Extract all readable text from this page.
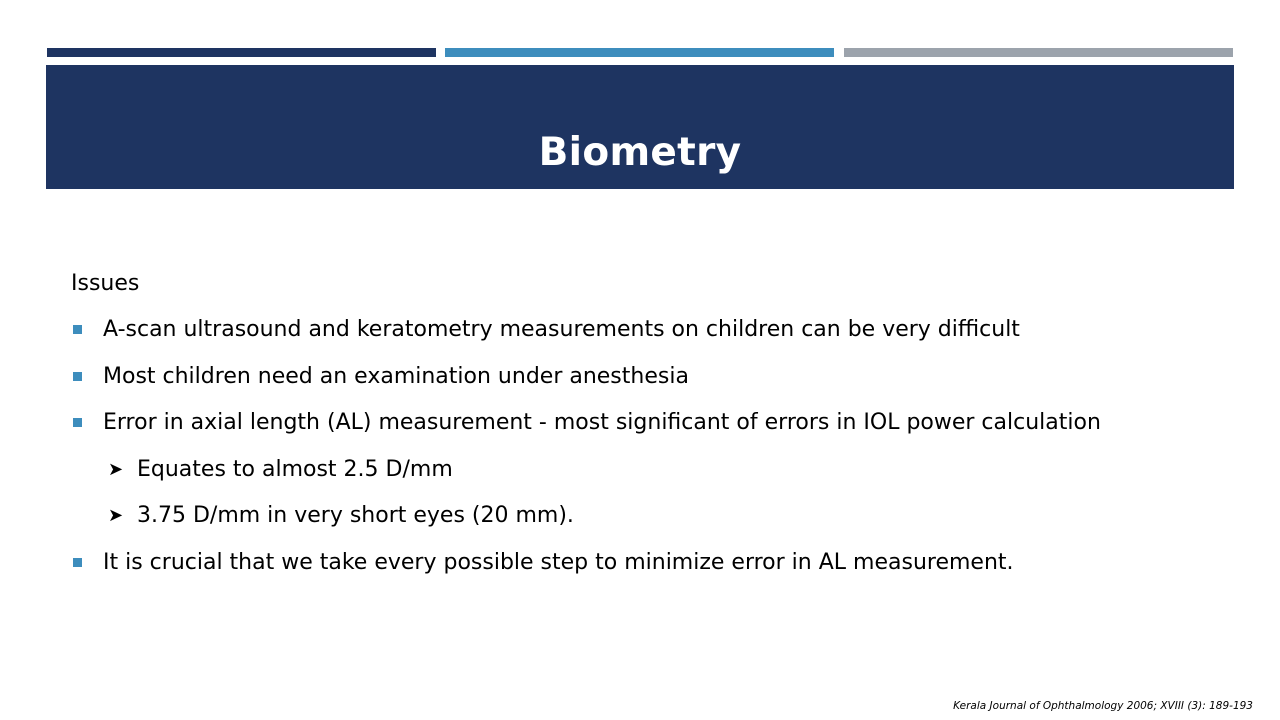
Biometry
Issues
A-scan ultrasound and keratometry measurements on children can be very difficult
Most children need an examination under anesthesia
Error in axial length (AL) measurement - most significant of errors in IOL power calculation
➤ Equates to almost 2.5 D/mm
➤ 3.75 D/mm in very short eyes (20 mm).
It is crucial that we take every possible step to minimize error in AL measurement.
Kerala Journal of Ophthalmology 2006; XVIII (3): 189-193
